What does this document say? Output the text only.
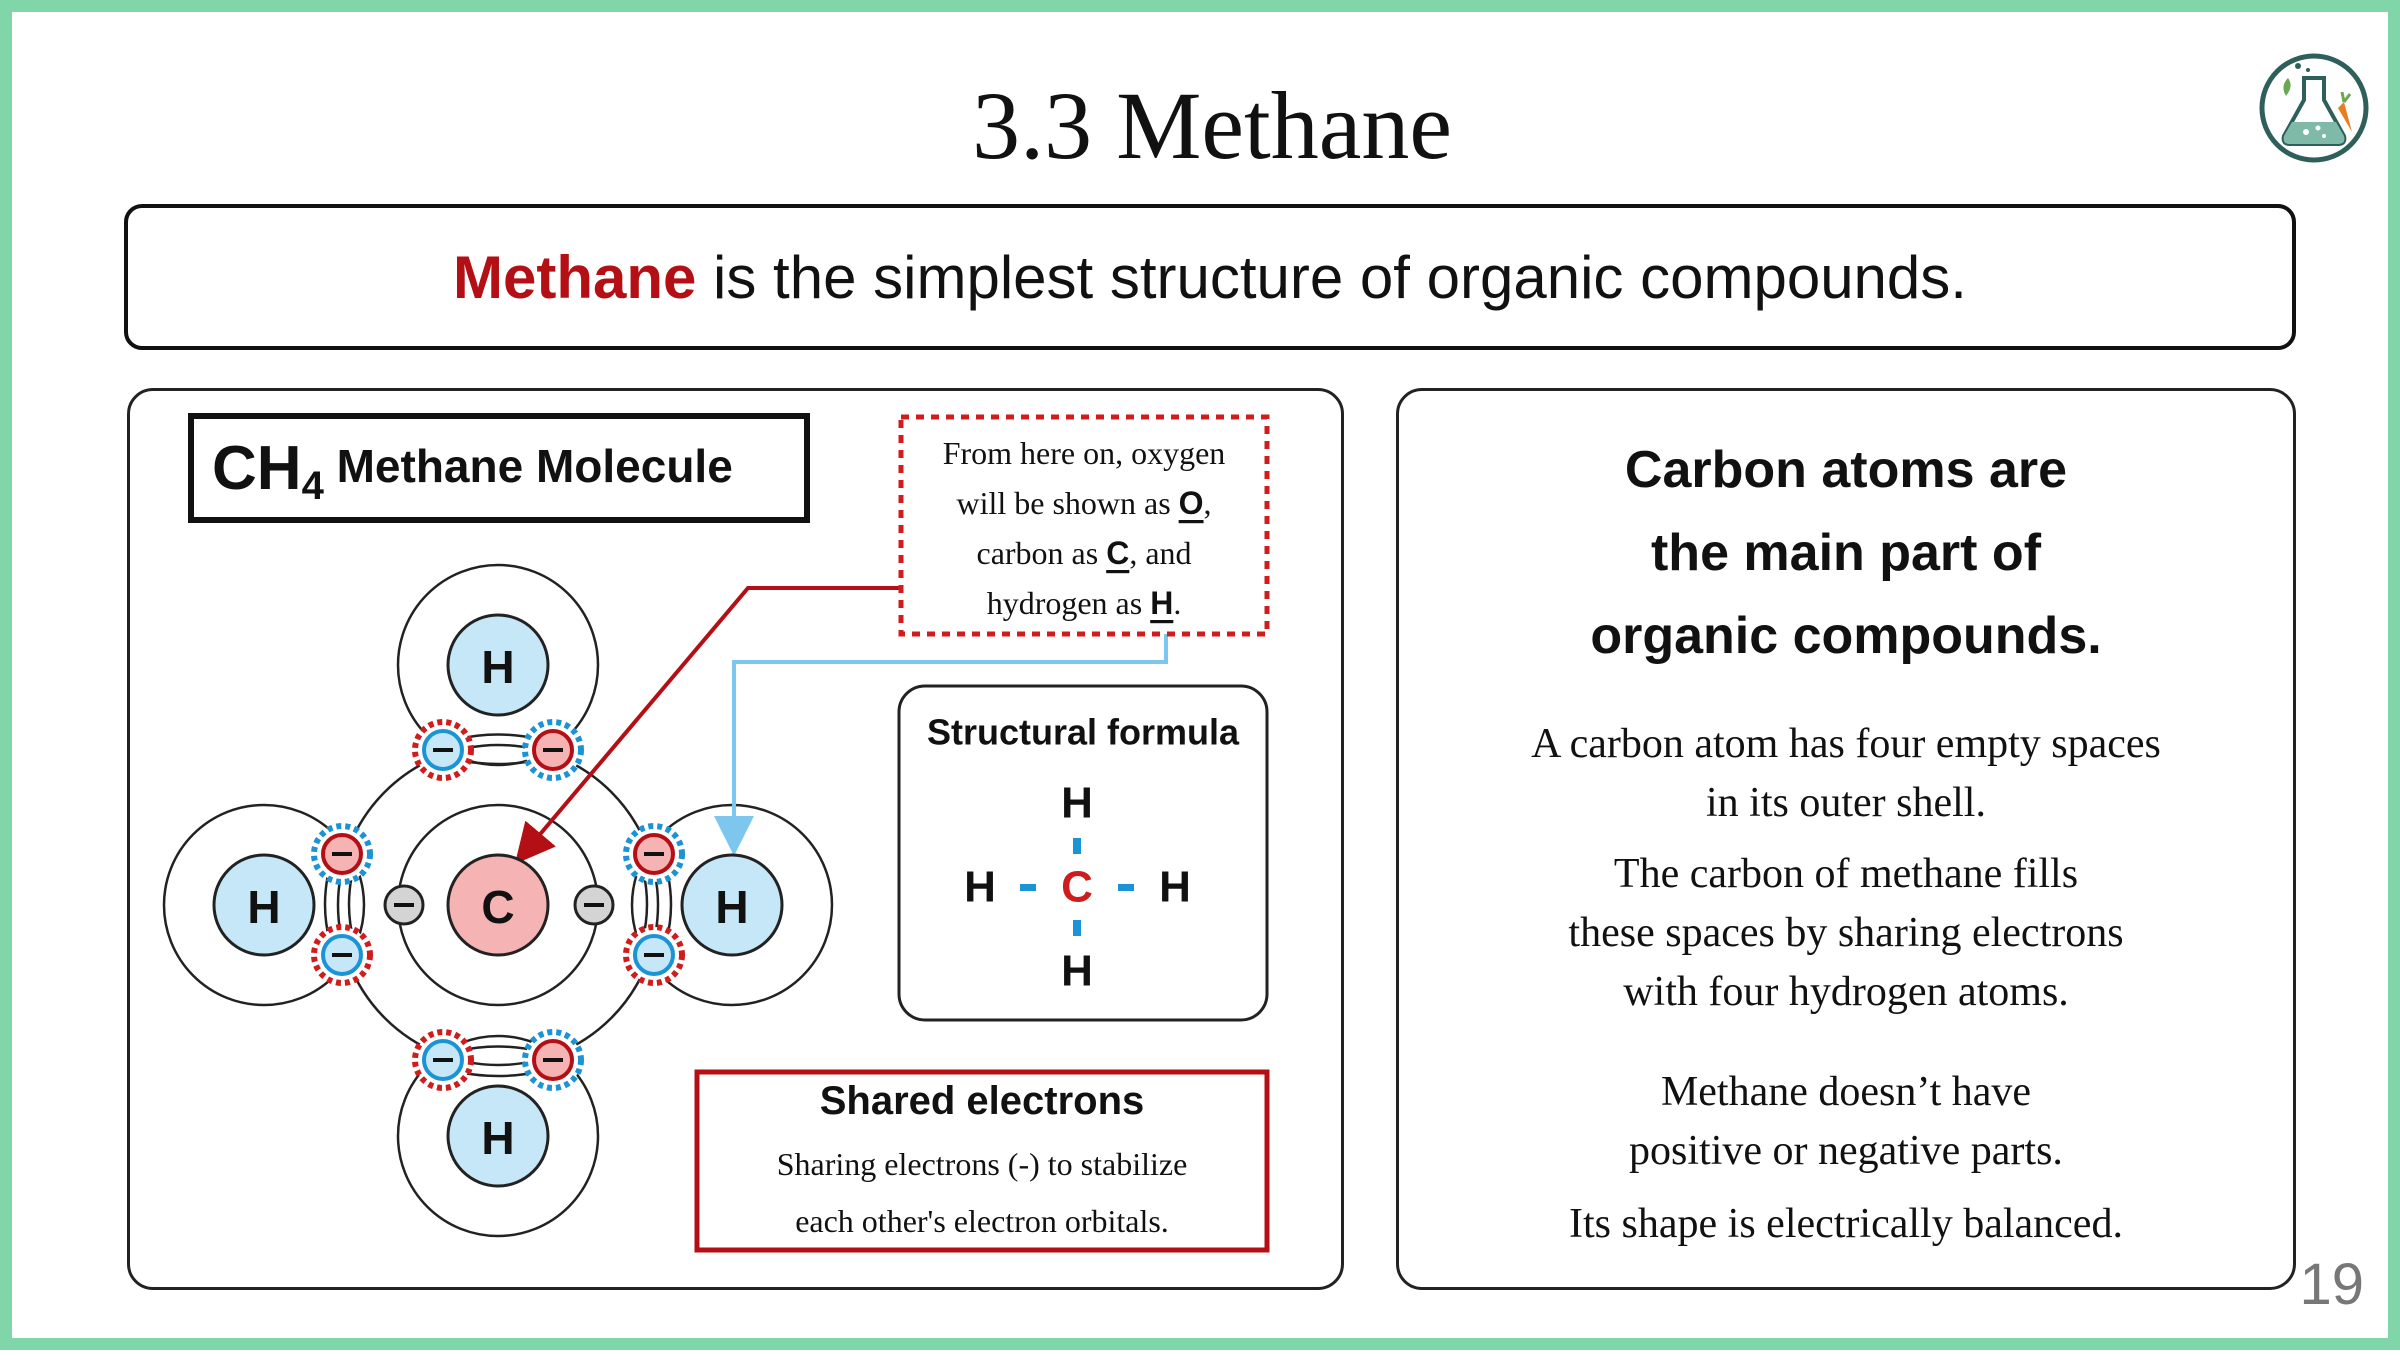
3.3 Methane
Methane is the simplest structure of organic compounds.
$CH_4$ $^{Methane Molecule}$
H
H	H
H
C
From here on, oxygen
will be shown as O,
carbon as C, and
hydrogen as H.
Structural formula
H
H C H
H
Shared electrons
Sharing electrons (-) to stabilize
each other's electron orbitals.
Carbon atoms are
the main part of
organic compounds.
A carbon atom has four empty spaces
in its outer shell.
The carbon of methane fills
these spaces by sharing electrons
with four hydrogen atoms.
Methane doesn’t have
positive or negative parts.
Its shape is electrically balanced.
19
